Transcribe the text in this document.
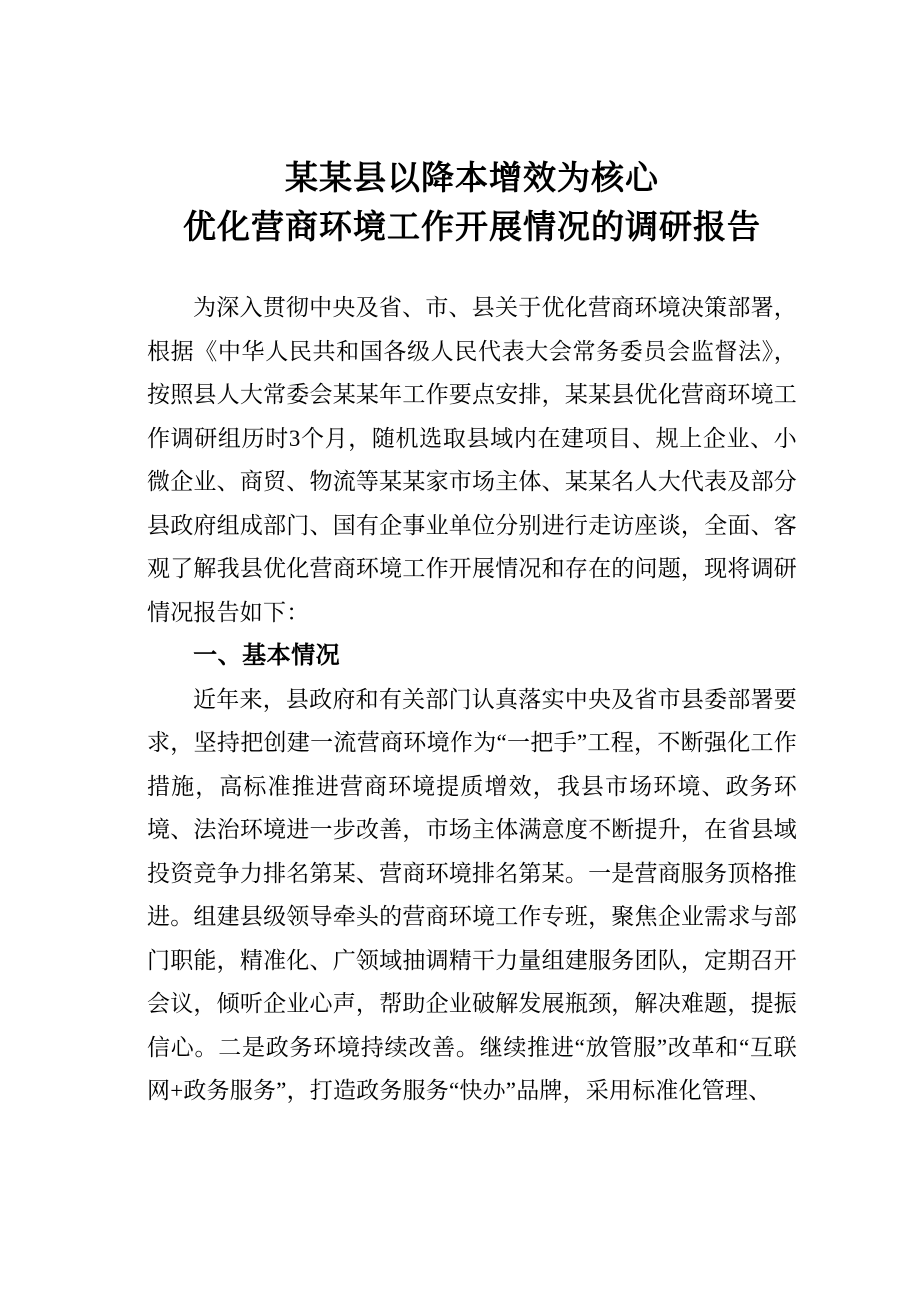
某某县以降本增效为核心
优化营商环境工作开展情况的调研报告

为深入贯彻中央及省、市、县关于优化营商环境决策部署，根据《中华人民共和国各级人民代表大会常务委员会监督法》，按照县人大常委会某某年工作要点安排，某某县优化营商环境工作调研组历时3个月，随机选取县域内在建项目、规上企业、小微企业、商贸、物流等某某家市场主体、某某名人大代表及部分县政府组成部门、国有企事业单位分别进行走访座谈，全面、客观了解我县优化营商环境工作开展情况和存在的问题，现将调研情况报告如下：

一、基本情况

近年来，县政府和有关部门认真落实中央及省市县委部署要求，坚持把创建一流营商环境作为“一把手”工程，不断强化工作措施，高标准推进营商环境提质增效，我县市场环境、政务环境、法治环境进一步改善，市场主体满意度不断提升，在省县域投资竞争力排名第某、营商环境排名第某。一是营商服务顶格推进。组建县级领导牵头的营商环境工作专班，聚焦企业需求与部门职能，精准化、广领域抽调精干力量组建服务团队，定期召开会议，倾听企业心声，帮助企业破解发展瓶颈，解决难题，提振信心。二是政务环境持续改善。继续推进“放管服”改革和“互联网+政务服务”，打造政务服务“快办”品牌，采用标准化管理、
